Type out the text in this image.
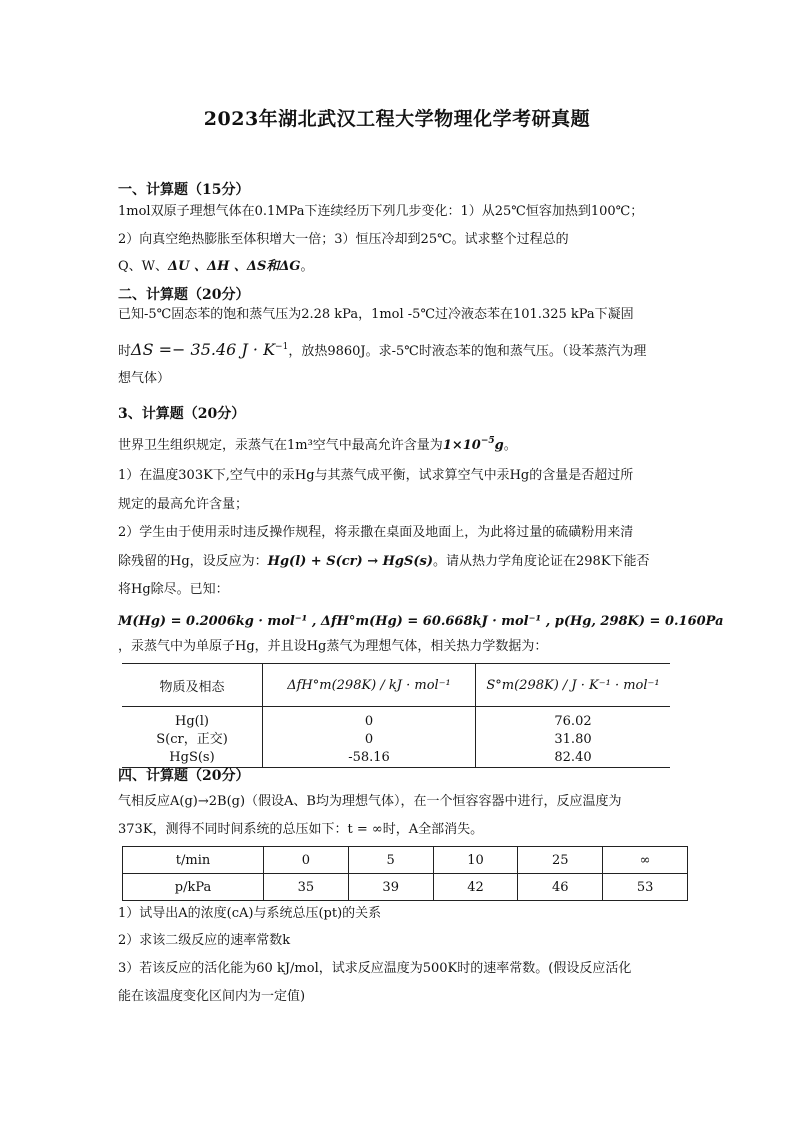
2023年湖北武汉工程大学物理化学考研真题
一、计算题（15分）
1mol双原子理想气体在0.1MPa下连续经历下列几步变化：1）从25℃恒容加热到100℃；
2）向真空绝热膨胀至体积增大一倍；3）恒压冷却到25℃。试求整个过程总的
Q、W、ΔU 、ΔH 、ΔS和ΔG。
二、计算题（20分）
已知-5℃固态苯的饱和蒸气压为2.28 kPa，1mol -5℃过冷液态苯在101.325 kPa下凝固
时ΔS =− 35.46 $J \cdot K^{-1}$，放热9860J。求-5℃时液态苯的饱和蒸气压。（设苯蒸汽为理
想气体）
3、计算题（20分）
世界卫生组织规定，汞蒸气在1m³空气中最高允许含量为$1\times 10^{-5}g$。
1）在温度303K下,空气中的汞Hg与其蒸气成平衡，试求算空气中汞Hg的含量是否超过所
规定的最高允许含量；
2）学生由于使用汞时违反操作规程，将汞撒在桌面及地面上，为此将过量的硫磺粉用来清
除残留的Hg，设反应为：Hg(l) + S(cr) → HgS(s)。请从热力学角度论证在298K下能否
将Hg除尽。已知：
M(Hg) = 0.2006kg · mol⁻¹ , ΔfH°m(Hg) = 60.668kJ · mol⁻¹ , p(Hg, 298K) = 0.160Pa
，汞蒸气中为单原子Hg，并且设Hg蒸气为理想气体，相关热力学数据为：
物质及相态	ΔfH°m(298K) / kJ · mol⁻¹	S°m(298K) / J · K⁻¹ · mol⁻¹
Hg(l)	0	76.02
S(cr，正交)	0	31.80
HgS(s)	-58.16	82.40
四、计算题（20分）
气相反应A(g)→2B(g)（假设A、B均为理想气体），在一个恒容容器中进行，反应温度为
373K，测得不同时间系统的总压如下：t = ∞时，A全部消失。
t/min	0	5	10	25	∞
p/kPa	35	39	42	46	53
1）试导出A的浓度(cA)与系统总压(pt)的关系
2）求该二级反应的速率常数k
3）若该反应的活化能为60 kJ/mol，试求反应温度为500K时的速率常数。(假设反应活化
能在该温度变化区间内为一定值)
